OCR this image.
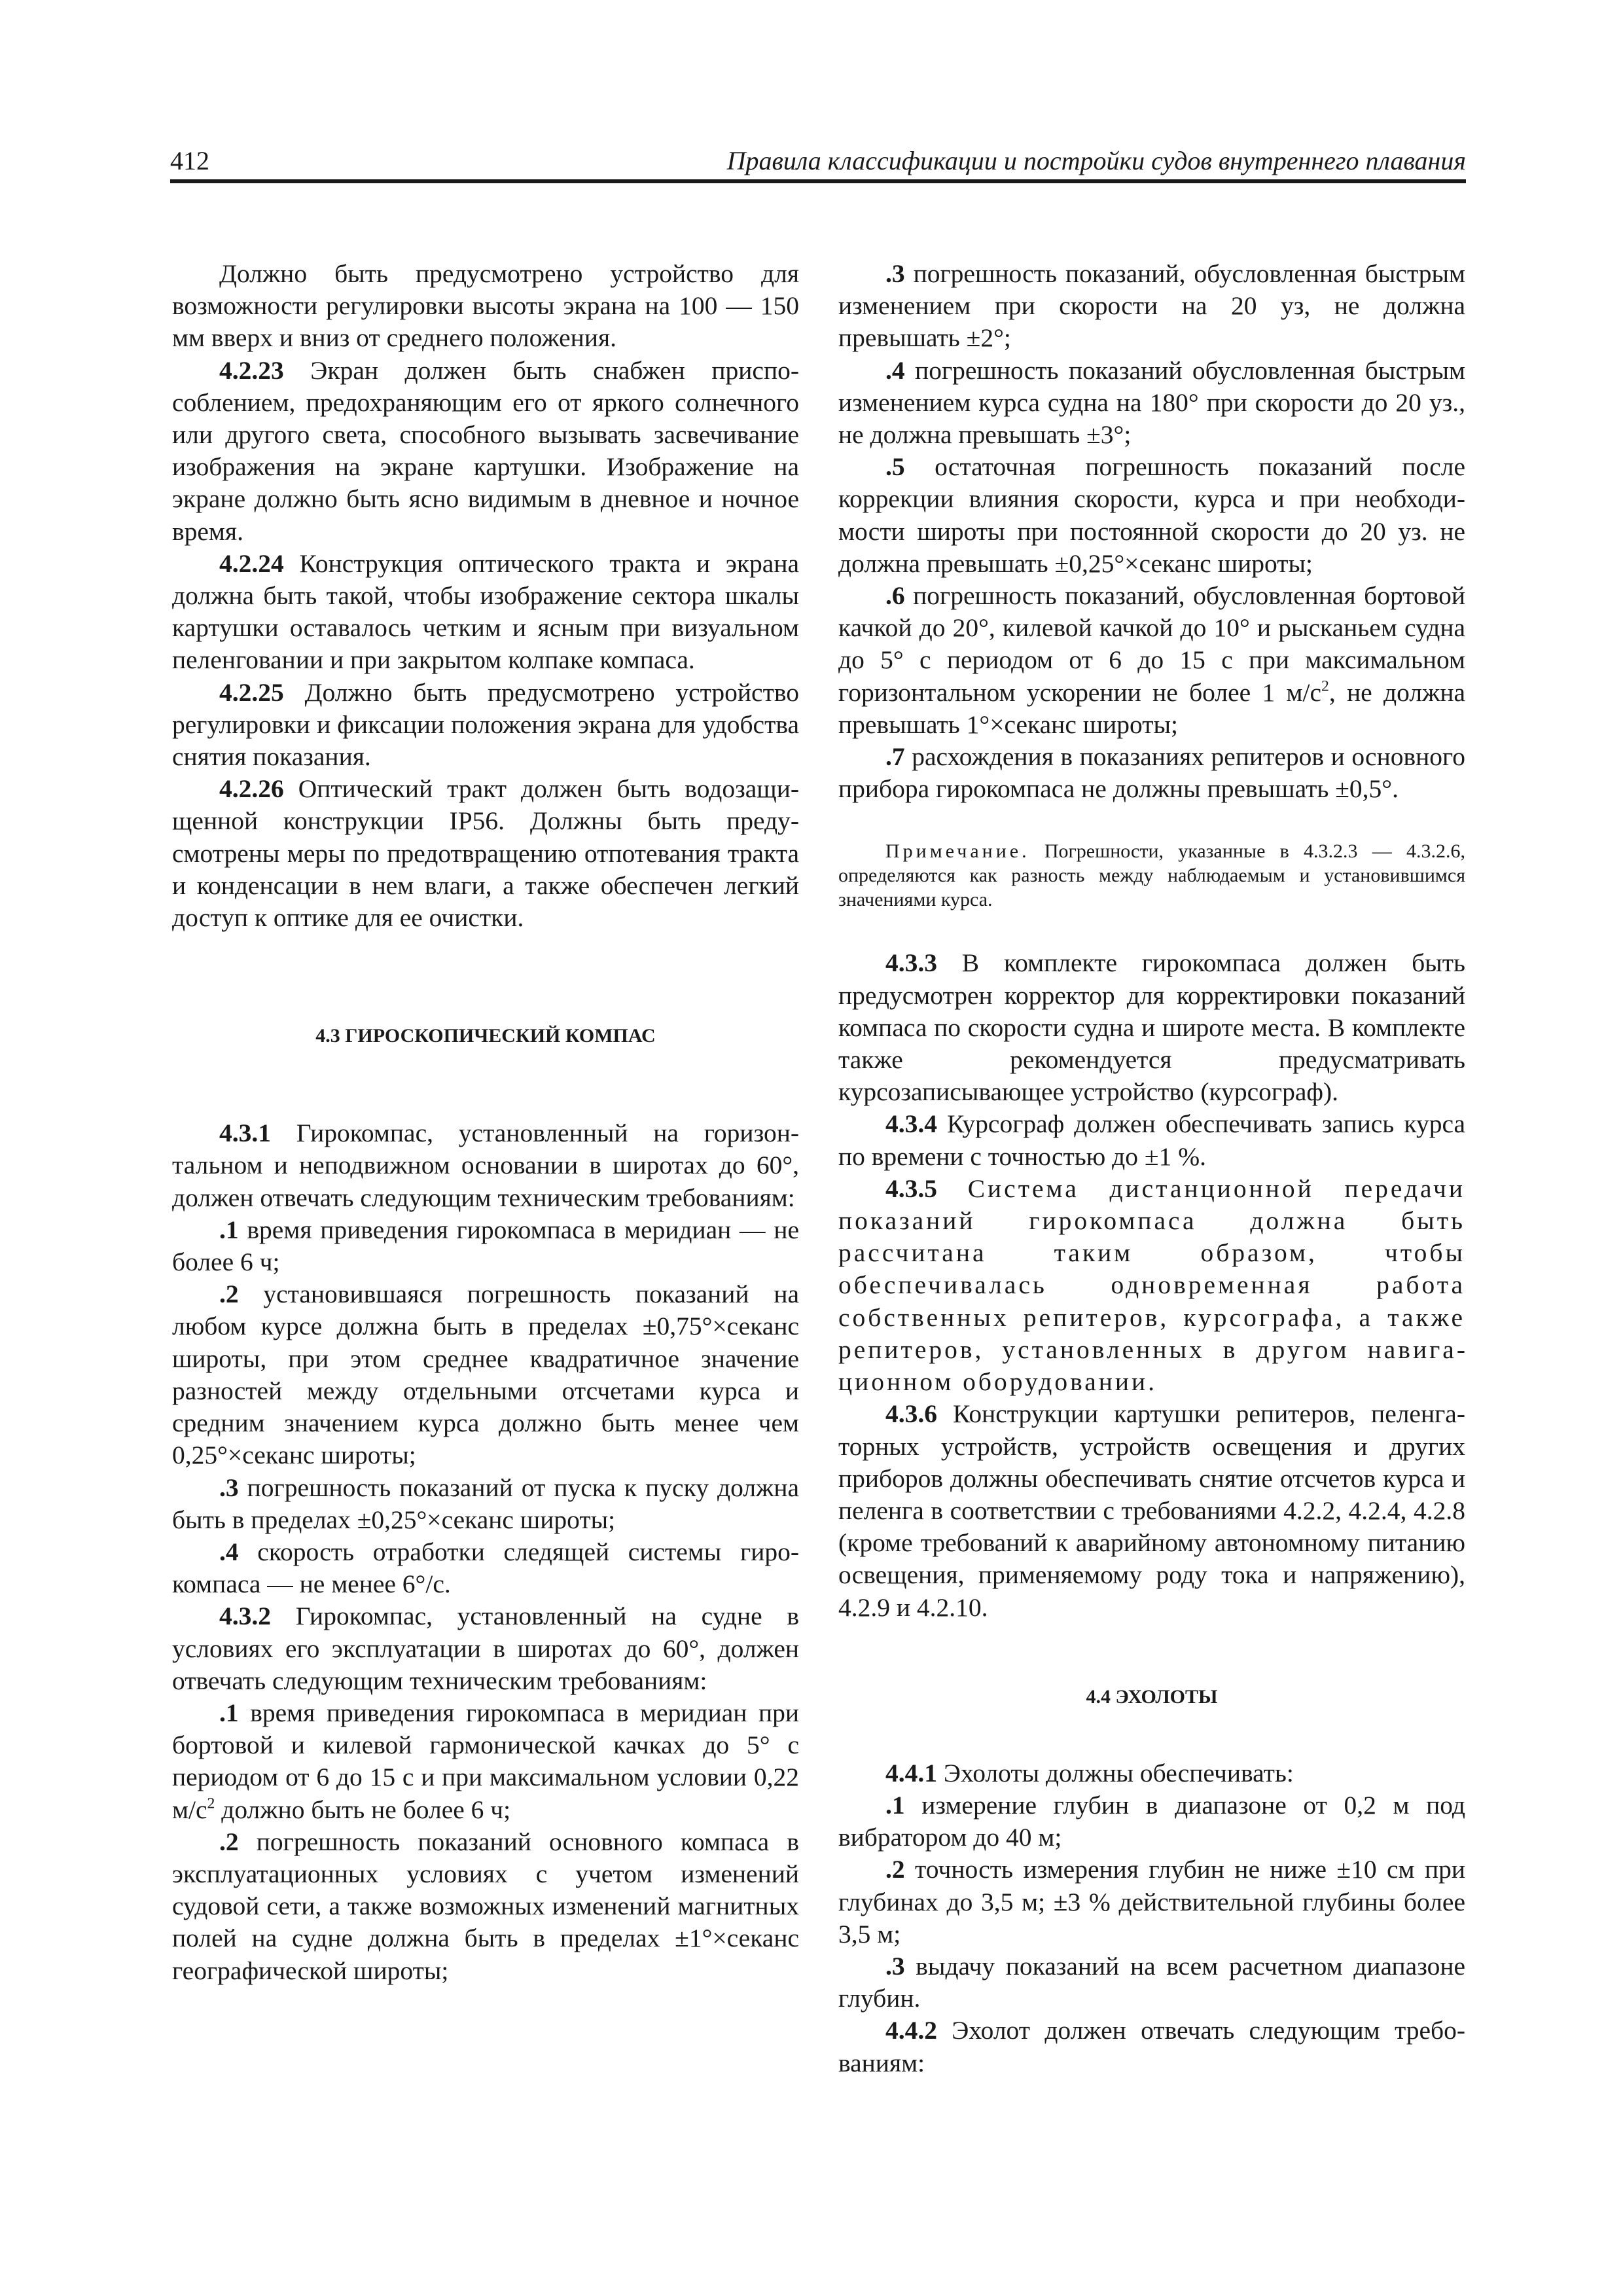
412	Правила классификации и постройки судов внутреннего плавания

Должно быть предусмотрено устройство для возможности регулировки высоты экрана на 100 — 150 мм вверх и вниз от среднего положения.

4.2.23 Экран должен быть снабжен приспособлением, предохраняющим его от яркого солнечного или другого света, способного вызывать засвечивание изображения на экране картушки. Изображение на экране должно быть ясно видимым в дневное и ночное время.

4.2.24 Конструкция оптического тракта и экрана должна быть такой, чтобы изображение сектора шкалы картушки оставалось четким и ясным при визуальном пеленговании и при закрытом колпаке компаса.

4.2.25 Должно быть предусмотрено устройство регулировки и фиксации положения экрана для удобства снятия показания.

4.2.26 Оптический тракт должен быть водозащищенной конструкции IP56. Должны быть предусмотрены меры по предотвращению отпотевания тракта и конденсации в нем влаги, а также обеспечен легкий доступ к оптике для ее очистки.

4.3 ГИРОСКОПИЧЕСКИЙ КОМПАС

4.3.1 Гирокомпас, установленный на горизонтальном и неподвижном основании в широтах до 60°, должен отвечать следующим техническим требованиям:

.1 время приведения гирокомпаса в меридиан — не более 6 ч;

.2 установившаяся погрешность показаний на любом курсе должна быть в пределах ±0,75°×секанс широты, при этом среднее квадратичное значение разностей между отдельными отсчетами курса и средним значением курса должно быть менее чем 0,25°×секанс широты;

.3 погрешность показаний от пуска к пуску должна быть в пределах ±0,25°×секанс широты;

.4 скорость отработки следящей системы гирокомпаса — не менее 6°/с.

4.3.2 Гирокомпас, установленный на судне в условиях его эксплуатации в широтах до 60°, должен отвечать следующим техническим требованиям:

.1 время приведения гирокомпаса в меридиан при бортовой и килевой гармонической качках до 5° с периодом от 6 до 15 с и при максимальном условии 0,22 $м/с^2$ должно быть не более 6 ч;

.2 погрешность показаний основного компаса в эксплуатационных условиях с учетом изменений судовой сети, а также возможных изменений магнитных полей на судне должна быть в пределах ±1°×секанс географической широты;

.3 погрешность показаний, обусловленная быстрым изменением при скорости на 20 уз, не должна превышать ±2°;

.4 погрешность показаний обусловленная быстрым изменением курса судна на 180° при скорости до 20 уз., не должна превышать ±3°;

.5 остаточная погрешность показаний после коррекции влияния скорости, курса и при необходимости широты при постоянной скорости до 20 уз. не должна превышать ±0,25°×секанс широты;

.6 погрешность показаний, обусловленная бортовой качкой до 20°, килевой качкой до 10° и рысканьем судна до 5° с периодом от 6 до 15 с при максимальном горизонтальном ускорении не более 1 $м/с^2$, не должна превышать 1°×секанс широты;

.7 расхождения в показаниях репитеров и основного прибора гирокомпаса не должны превышать ±0,5°.

Примечание. Погрешности, указанные в 4.3.2.3 — 4.3.2.6, определяются как разность между наблюдаемым и установившимся значениями курса.

4.3.3 В комплекте гирокомпаса должен быть предусмотрен корректор для корректировки показаний компаса по скорости судна и широте места. В комплекте также рекомендуется предусматривать курсозаписывающее устройство (курсограф).

4.3.4 Курсограф должен обеспечивать запись курса по времени с точностью до ±1 %.

4.3.5 Система дистанционной передачи показаний гирокомпаса должна быть рассчитана таким образом, чтобы обеспечивалась одновременная работа собственных репитеров, курсографа, а также репитеров, установленных в другом навигационном оборудовании.

4.3.6 Конструкции картушки репитеров, пеленгаторных устройств, устройств освещения и других приборов должны обеспечивать снятие отсчетов курса и пеленга в соответствии с требованиями 4.2.2, 4.2.4, 4.2.8 (кроме требований к аварийному автономному питанию освещения, применяемому роду тока и напряжению), 4.2.9 и 4.2.10.

4.4 ЭХОЛОТЫ

4.4.1 Эхолоты должны обеспечивать:

.1 измерение глубин в диапазоне от 0,2 м под вибратором до 40 м;

.2 точность измерения глубин не ниже ±10 см при глубинах до 3,5 м; ±3 % действительной глубины более 3,5 м;

.3 выдачу показаний на всем расчетном диапазоне глубин.

4.4.2 Эхолот должен отвечать следующим требованиям:
